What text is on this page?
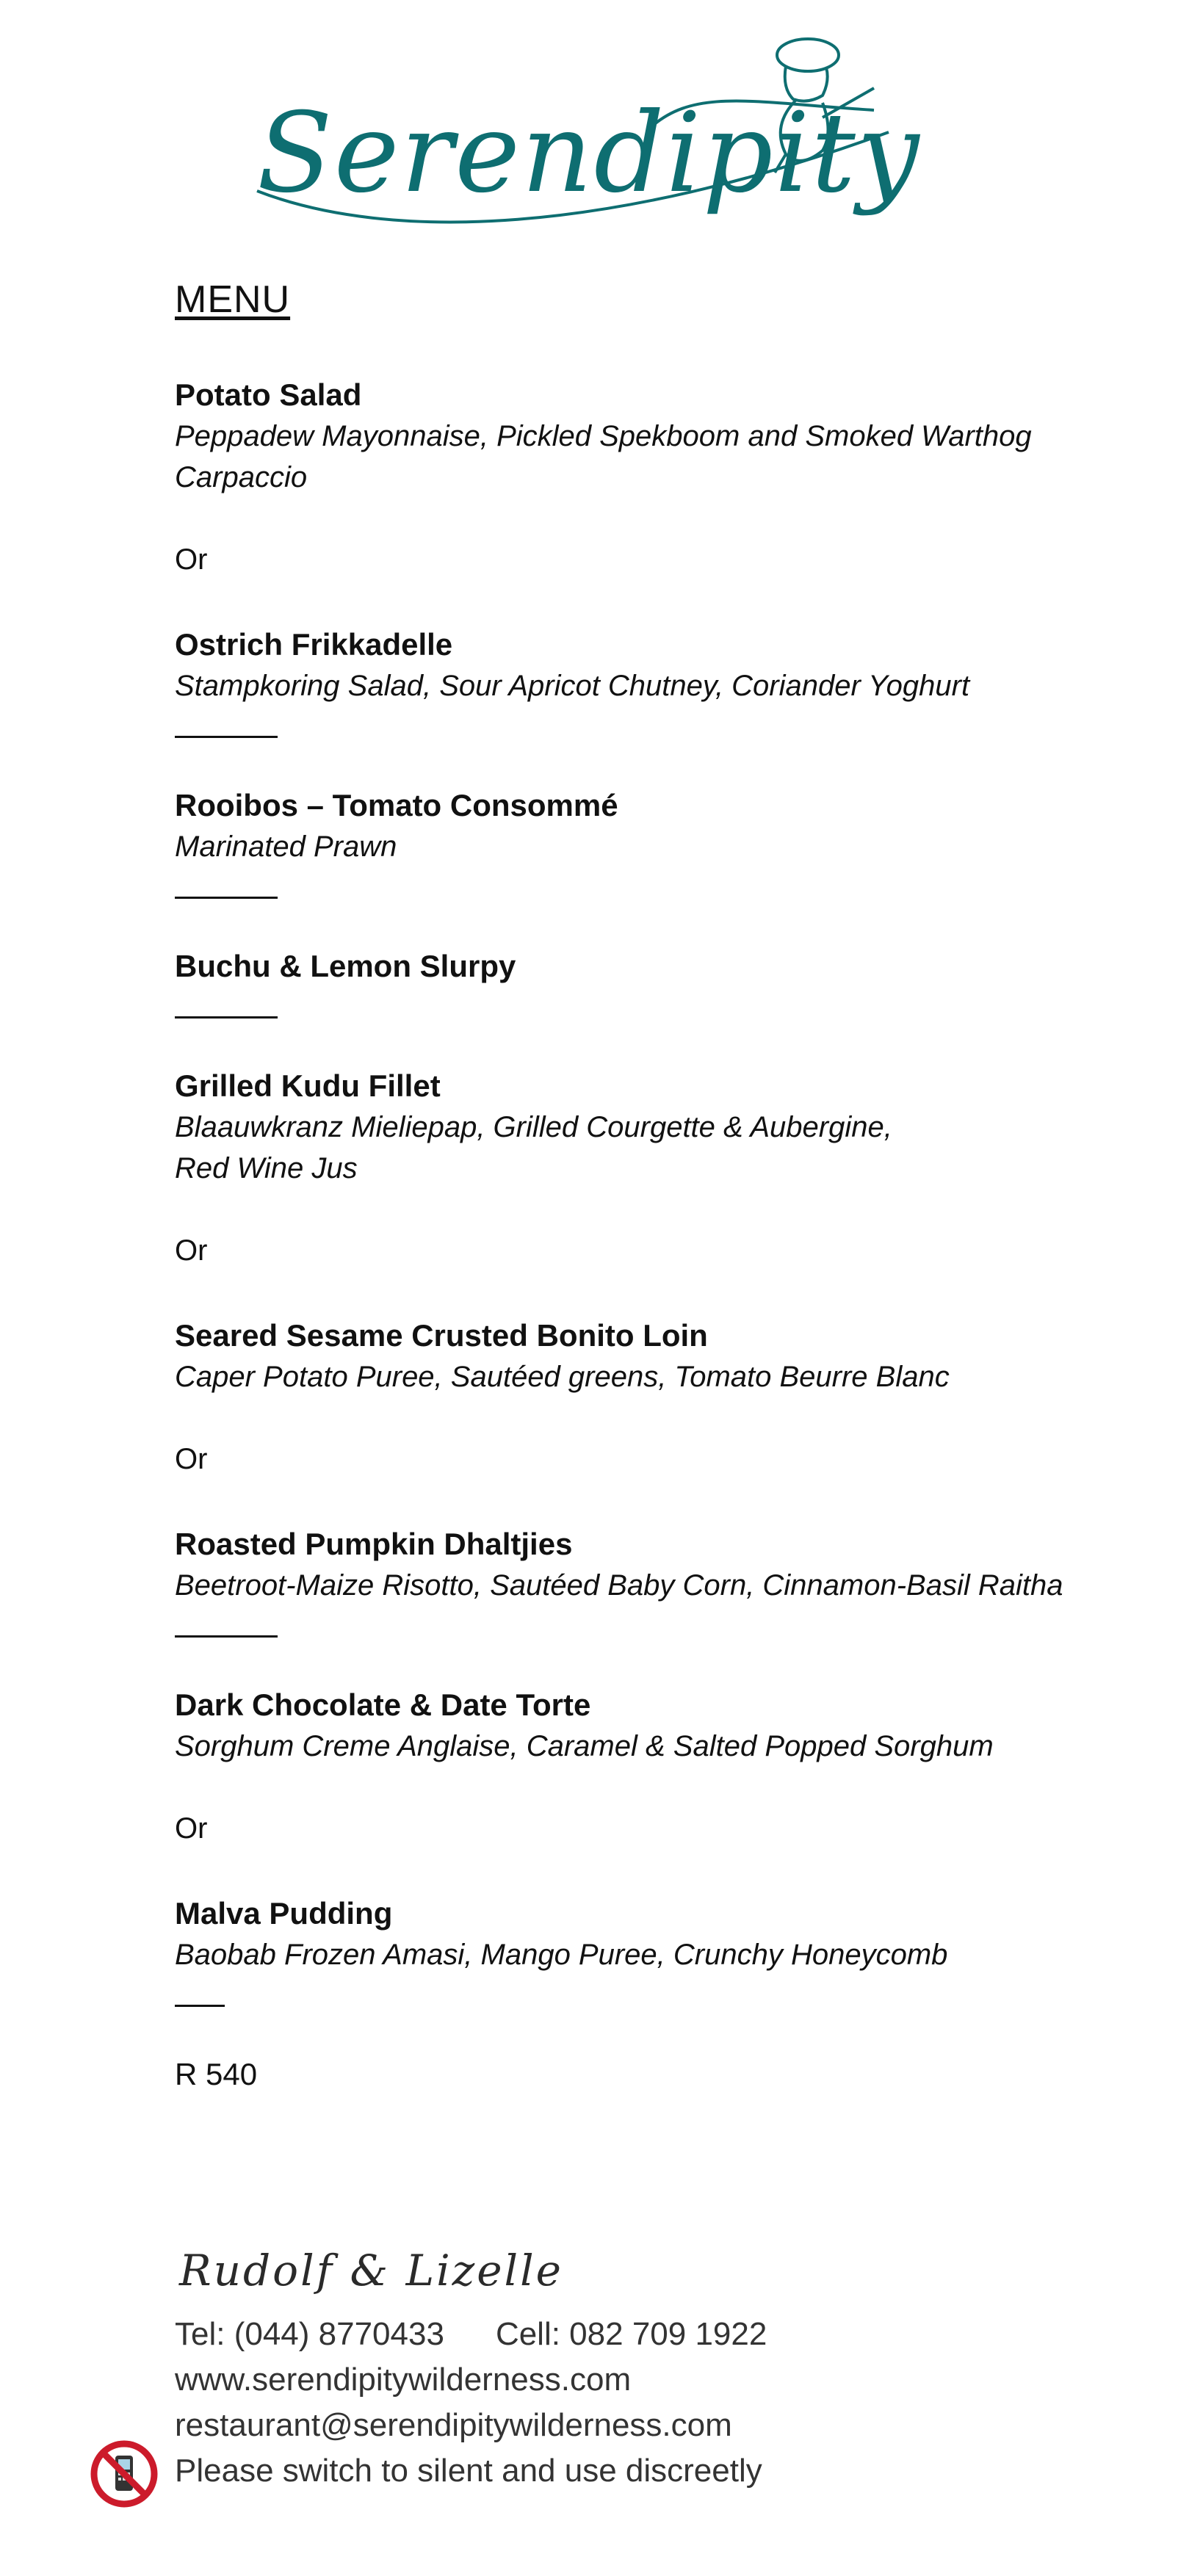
Serendipity
MENU

Potato Salad

Peppadew Mayonnaise, Pickled Spekboom and Smoked Warthog Carpaccio

Or

Ostrich Frikkadelle

Stampkoring Salad, Sour Apricot Chutney, Coriander Yoghurt

Rooibos – Tomato Consommé

Marinated Prawn

Buchu & Lemon Slurpy

Grilled Kudu Fillet

Blaauwkranz Mieliepap, Grilled Courgette & Aubergine,

Red Wine Jus

Or

Seared Sesame Crusted Bonito Loin

Caper Potato Puree, Sautéed greens, Tomato Beurre Blanc

Or

Roasted Pumpkin Dhaltjies

Beetroot-Maize Risotto, Sautéed Baby Corn, Cinnamon-Basil Raitha

Dark Chocolate & Date Torte

Sorghum Creme Anglaise, Caramel & Salted Popped Sorghum

Or

Malva Pudding

Baobab Frozen Amasi, Mango Puree, Crunchy Honeycomb

R 540
Rudolf & Lizelle
Tel: (044) 8770433 Cell: 082 709 1922
www.serendipitywilderness.com
restaurant@serendipitywilderness.com
Please switch to silent and use discreetly
